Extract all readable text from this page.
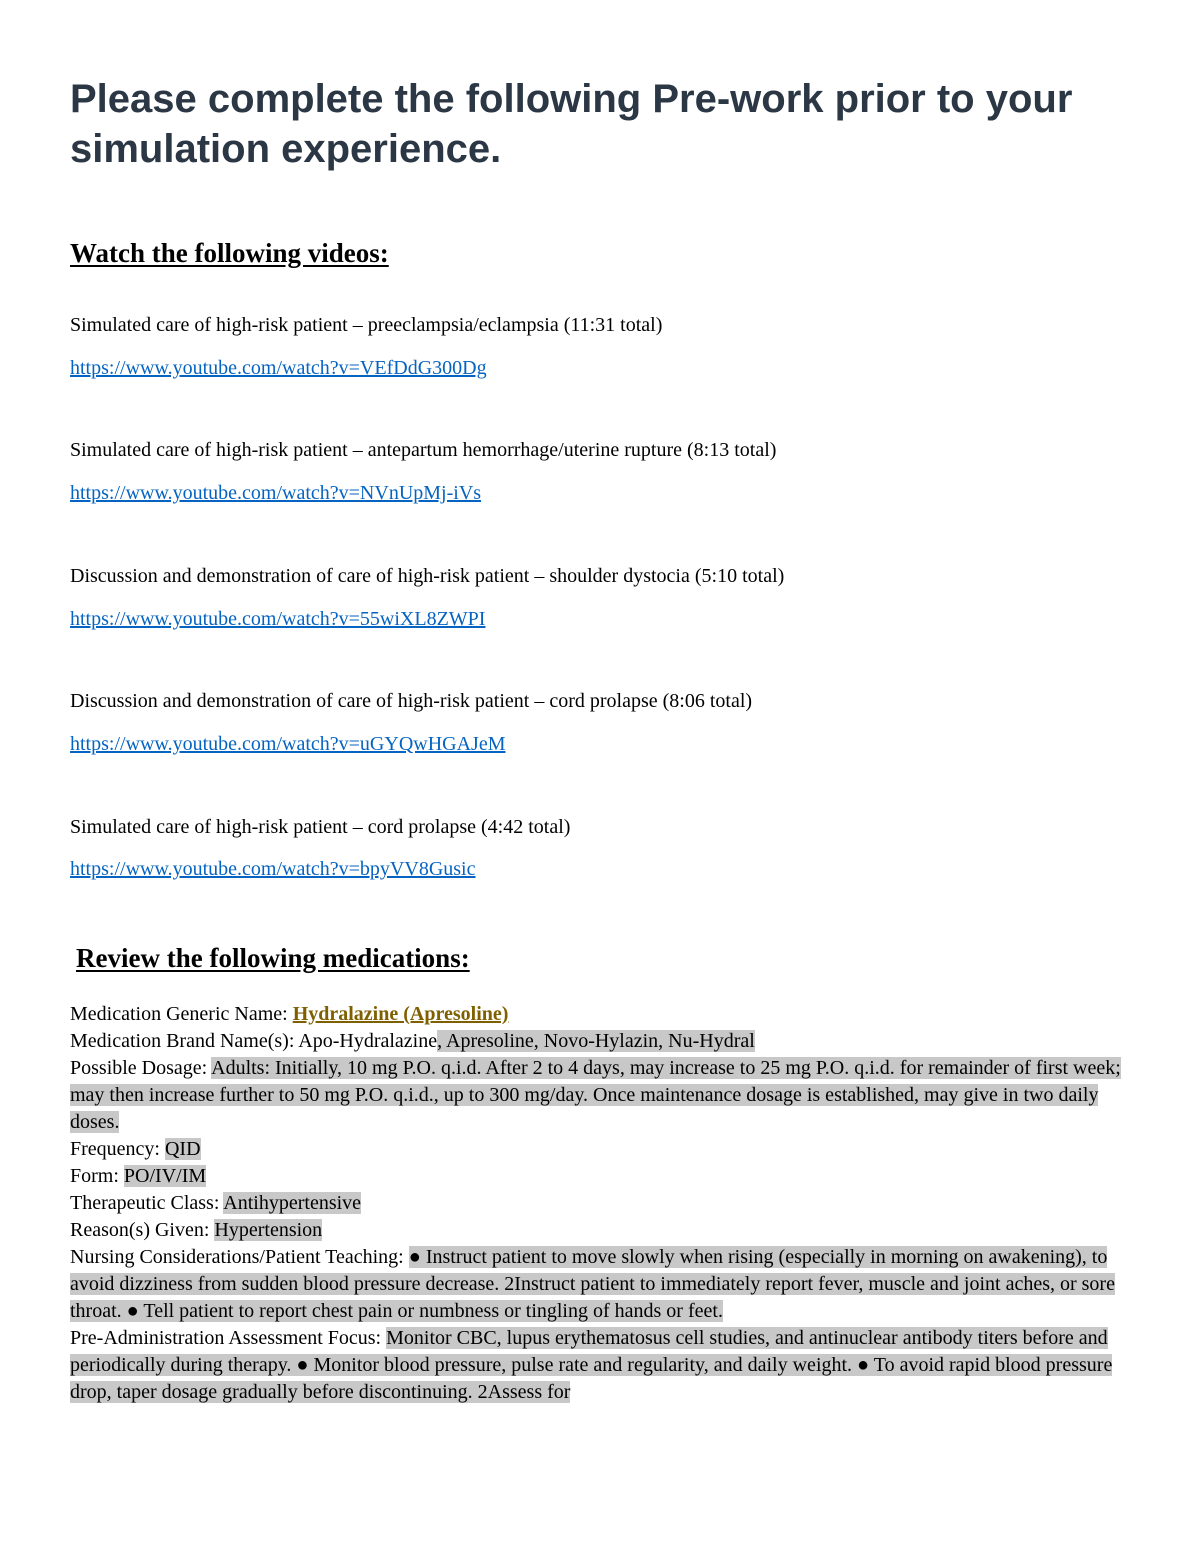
Please complete the following Pre-work prior to your simulation experience.
Watch the following videos:
Simulated care of high-risk patient – preeclampsia/eclampsia (11:31 total)
https://www.youtube.com/watch?v=VEfDdG300Dg
Simulated care of high-risk patient – antepartum hemorrhage/uterine rupture (8:13 total)
https://www.youtube.com/watch?v=NVnUpMj-iVs
Discussion and demonstration of care of high-risk patient – shoulder dystocia (5:10 total)
https://www.youtube.com/watch?v=55wiXL8ZWPI
Discussion and demonstration of care of high-risk patient – cord prolapse (8:06 total)
https://www.youtube.com/watch?v=uGYQwHGAJeM
Simulated care of high-risk patient – cord prolapse (4:42 total)
https://www.youtube.com/watch?v=bpyVV8Gusic
Review the following medications:
Medication Generic Name: Hydralazine (Apresoline)
Medication Brand Name(s): Apo-Hydralazine, Apresoline, Novo-Hylazin, Nu-Hydral
Possible Dosage: Adults: Initially, 10 mg P.O. q.i.d. After 2 to 4 days, may increase to 25 mg P.O. q.i.d. for remainder of first week; may then increase further to 50 mg P.O. q.i.d., up to 300 mg/day. Once maintenance dosage is established, may give in two daily doses.
Frequency: QID
Form: PO/IV/IM
Therapeutic Class: Antihypertensive
Reason(s) Given: Hypertension
Nursing Considerations/Patient Teaching: ● Instruct patient to move slowly when rising (especially in morning on awakening), to avoid dizziness from sudden blood pressure decrease. 2Instruct patient to immediately report fever, muscle and joint aches, or sore throat. ● Tell patient to report chest pain or numbness or tingling of hands or feet.
Pre-Administration Assessment Focus: Monitor CBC, lupus erythematosus cell studies, and antinuclear antibody titers before and periodically during therapy. ● Monitor blood pressure, pulse rate and regularity, and daily weight. ● To avoid rapid blood pressure drop, taper dosage gradually before discontinuing. 2Assess for
